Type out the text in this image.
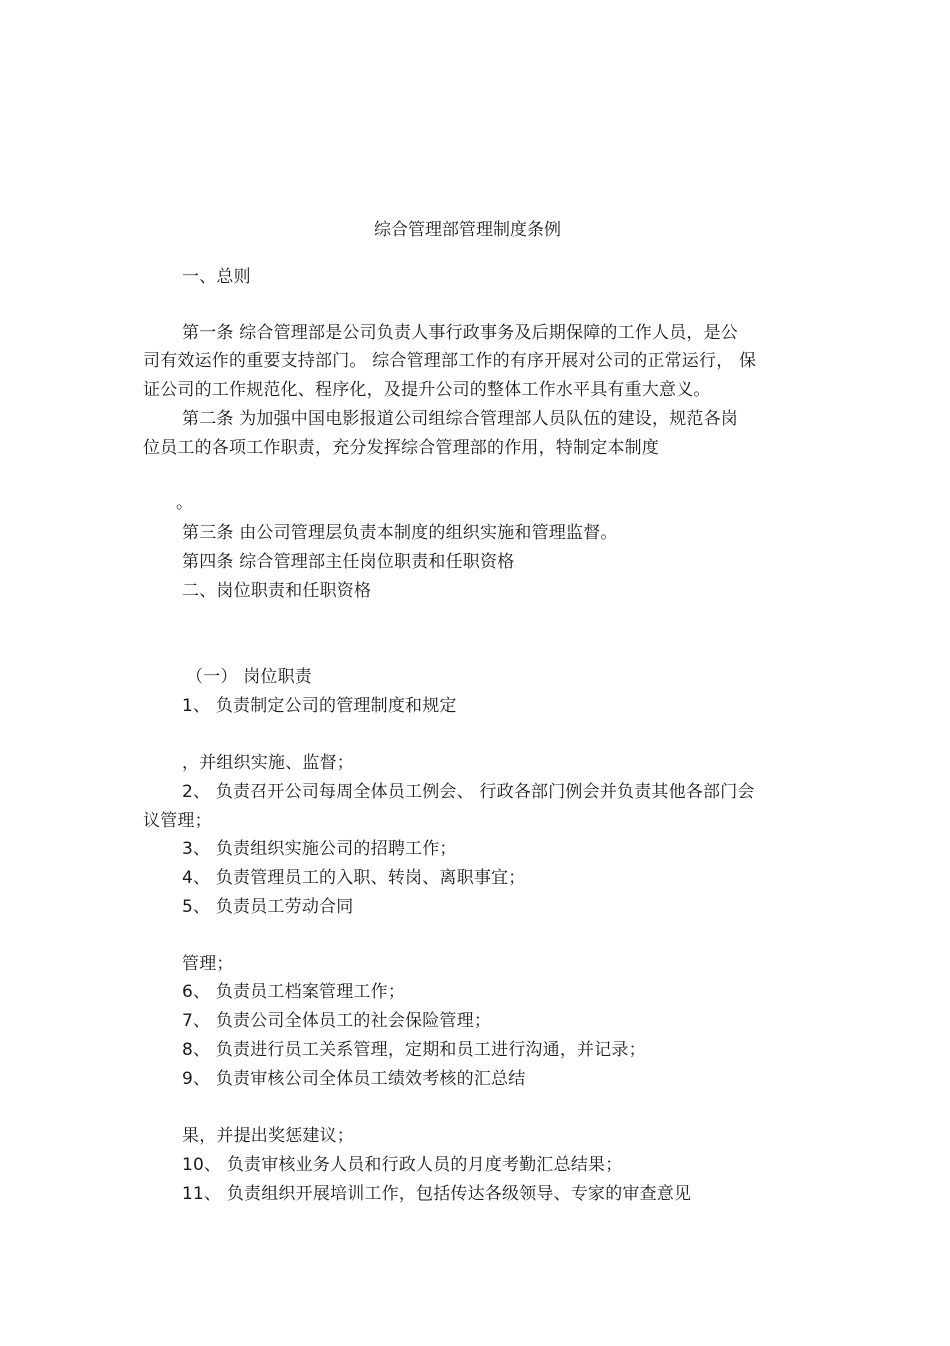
综合管理部管理制度条例
一、总则
第一条 综合管理部是公司负责人事行政事务及后期保障的工作人员，是公
司有效运作的重要支持部门。 综合管理部工作的有序开展对公司的正常运行， 保
证公司的工作规范化、程序化，及提升公司的整体工作水平具有重大意义。
第二条 为加强中国电影报道公司组综合管理部人员队伍的建设，规范各岗
位员工的各项工作职责，充分发挥综合管理部的作用，特制定本制度
。
第三条 由公司管理层负责本制度的组织实施和管理监督。
第四条 综合管理部主任岗位职责和任职资格
二、岗位职责和任职资格
（一） 岗位职责
1、 负责制定公司的管理制度和规定
，并组织实施、监督；
2、 负责召开公司每周全体员工例会、 行政各部门例会并负责其他各部门会
议管理；
3、 负责组织实施公司的招聘工作；
4、 负责管理员工的入职、转岗、离职事宜；
5、 负责员工劳动合同
管理；
6、 负责员工档案管理工作；
7、 负责公司全体员工的社会保险管理；
8、 负责进行员工关系管理，定期和员工进行沟通，并记录；
9、 负责审核公司全体员工绩效考核的汇总结
果，并提出奖惩建议；
10、 负责审核业务人员和行政人员的月度考勤汇总结果；
11、 负责组织开展培训工作，包括传达各级领导、专家的审查意见
